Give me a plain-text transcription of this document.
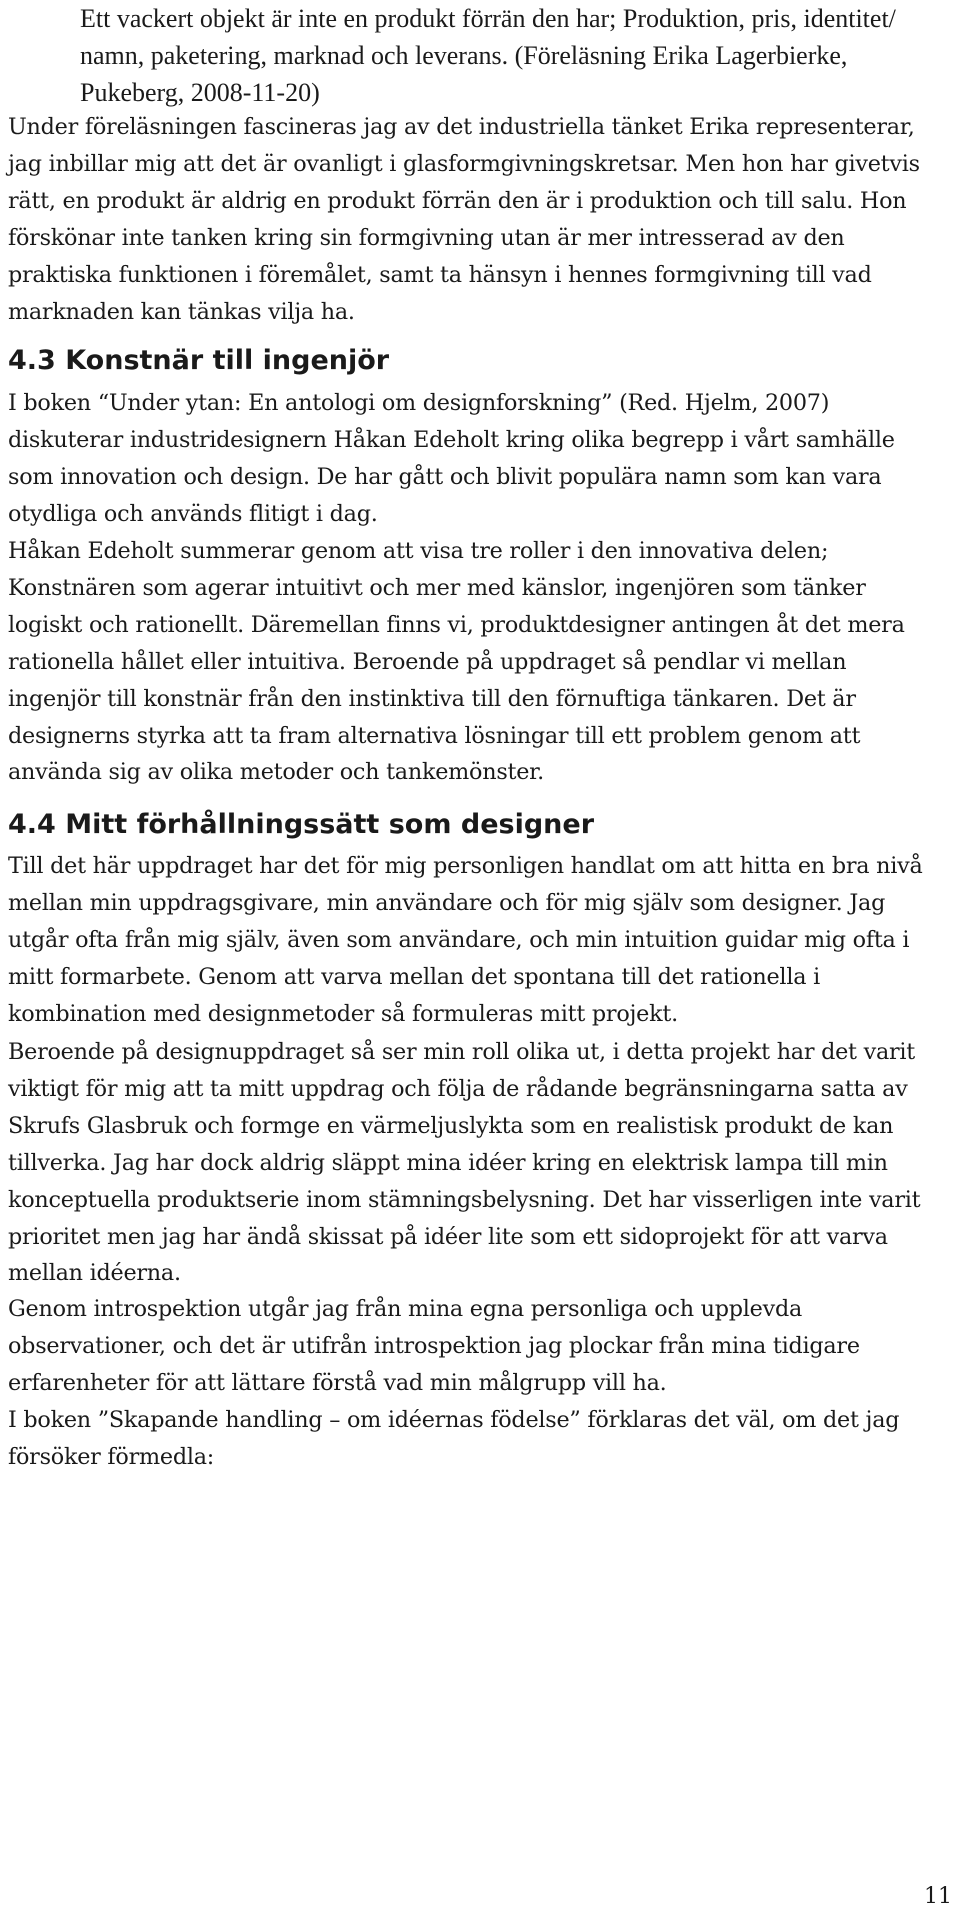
Ett vackert objekt är inte en produkt förrän den har; Produktion, pris, identitet/ namn, paketering, marknad och leverans. (Föreläsning Erika Lagerbierke, Pukeberg, 2008-11-20)

Under föreläsningen fascineras jag av det industriella tänket Erika representerar, jag inbillar mig att det är ovanligt i glasformgivningskretsar. Men hon har givetvis rätt, en produkt är aldrig en produkt förrän den är i produktion och till salu. Hon förskönar inte tanken kring sin formgivning utan är mer intresserad av den praktiska funktionen i föremålet, samt ta hänsyn i hennes formgivning till vad marknaden kan tänkas vilja ha.

4.3 Konstnär till ingenjör

I boken “Under ytan: En antologi om designforskning” (Red. Hjelm, 2007) diskuterar industridesignern Håkan Edeholt kring olika begrepp i vårt samhälle som innovation och design. De har gått och blivit populära namn som kan vara otydliga och används flitigt i dag.

Håkan Edeholt summerar genom att visa tre roller i den innovativa delen; Konstnären som agerar intuitivt och mer med känslor, ingenjören som tänker logiskt och rationellt. Däremellan finns vi, produktdesigner antingen åt det mera rationella hållet eller intuitiva. Beroende på uppdraget så pendlar vi mellan ingenjör till konstnär från den instinktiva till den förnuftiga tänkaren. Det är designerns styrka att ta fram alternativa lösningar till ett problem genom att använda sig av olika metoder och tankemönster.

4.4 Mitt förhållningssätt som designer

Till det här uppdraget har det för mig personligen handlat om att hitta en bra nivå mellan min uppdragsgivare, min användare och för mig själv som designer. Jag utgår ofta från mig själv, även som användare, och min intuition guidar mig ofta i mitt formarbete. Genom att varva mellan det spontana till det rationella i kombination med designmetoder så formuleras mitt projekt.

Beroende på designuppdraget så ser min roll olika ut, i detta projekt har det varit viktigt för mig att ta mitt uppdrag och följa de rådande begränsningarna satta av Skrufs Glasbruk och formge en värmeljuslykta som en realistisk produkt de kan tillverka. Jag har dock aldrig släppt mina idéer kring en elektrisk lampa till min konceptuella produktserie inom stämningsbelysning. Det har visserligen inte varit prioritet men jag har ändå skissat på idéer lite som ett sidoprojekt för att varva mellan idéerna.

Genom introspektion utgår jag från mina egna personliga och upplevda observationer, och det är utifrån introspektion jag plockar från mina tidigare erfarenheter för att lättare förstå vad min målgrupp vill ha.

I boken ”Skapande handling – om idéernas födelse” förklaras det väl, om det jag försöker förmedla:

11
